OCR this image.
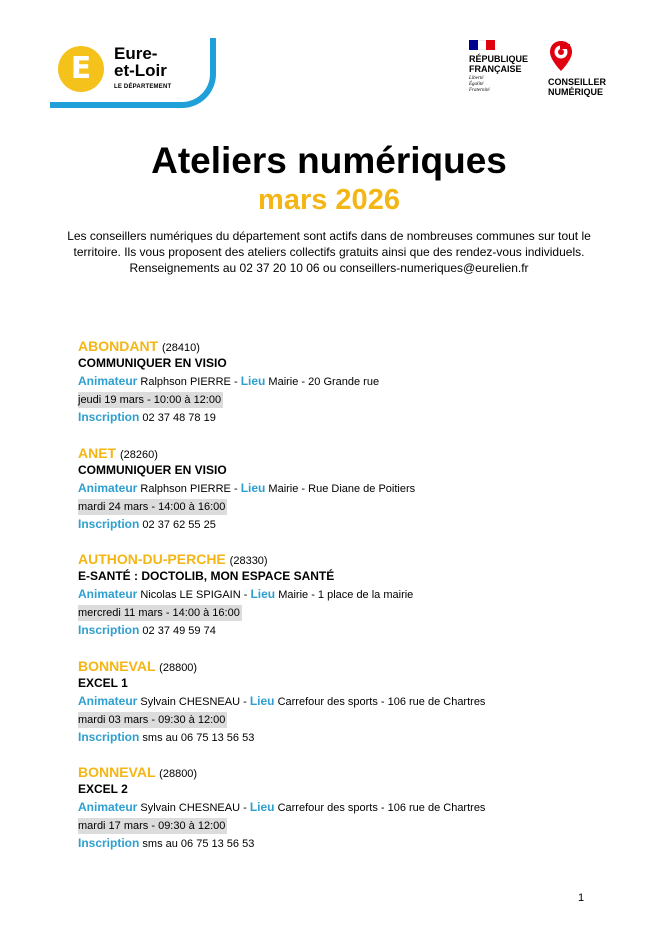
E	Eure-
et-Loir
LE DÉPARTEMENT
RÉPUBLIQUE
FRANÇAISE
Liberté
Égalité
Fraternité
CONSEILLER
NUMÉRIQUE
Ateliers numériques
mars 2026
Les conseillers numériques du département sont actifs dans de nombreuses communes sur tout le
territoire. Ils vous proposent des ateliers collectifs gratuits ainsi que des rendez-vous individuels.
Renseignements au 02 37 20 10 06 ou conseillers-numeriques@eurelien.fr
ABONDANT (28410)
COMMUNIQUER EN VISIO
Animateur Ralphson PIERRE - Lieu Mairie - 20 Grande rue
jeudi 19 mars - 10:00 à 12:00
Inscription 02 37 48 78 19
ANET (28260)
COMMUNIQUER EN VISIO
Animateur Ralphson PIERRE - Lieu Mairie - Rue Diane de Poitiers
mardi 24 mars - 14:00 à 16:00
Inscription 02 37 62 55 25
AUTHON-DU-PERCHE (28330)
E-SANTÉ : DOCTOLIB, MON ESPACE SANTÉ
Animateur Nicolas LE SPIGAIN - Lieu Mairie - 1 place de la mairie
mercredi 11 mars - 14:00 à 16:00
Inscription 02 37 49 59 74
BONNEVAL (28800)
EXCEL 1
Animateur Sylvain CHESNEAU - Lieu Carrefour des sports - 106 rue de Chartres
mardi 03 mars - 09:30 à 12:00
Inscription sms au 06 75 13 56 53
BONNEVAL (28800)
EXCEL 2
Animateur Sylvain CHESNEAU - Lieu Carrefour des sports - 106 rue de Chartres
mardi 17 mars - 09:30 à 12:00
Inscription sms au 06 75 13 56 53
1
